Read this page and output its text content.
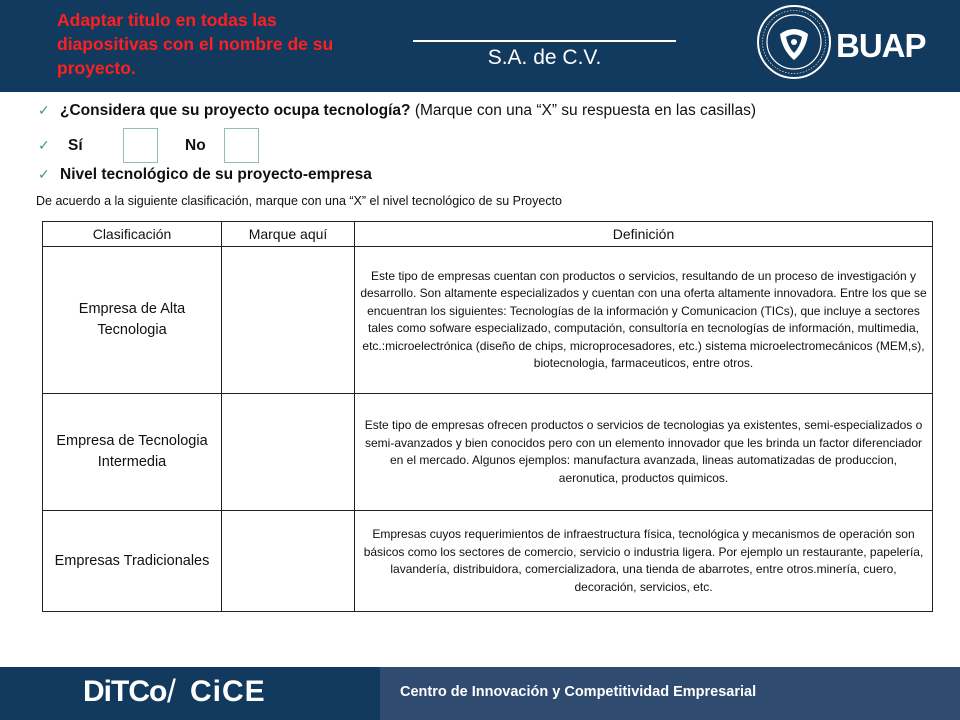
Adaptar titulo en todas las diapositivas con el nombre de su proyecto.	S.A. de C.V.	BUAP
✓ ¿Considera que su proyecto ocupa tecnología? (Marque con una “X” su respuesta en las casillas)
✓ Sí	No
✓ Nivel tecnológico de su proyecto-empresa
De acuerdo a la siguiente clasificación, marque con una “X” el nivel tecnológico de su Proyecto
Clasificación	Marque aquí	Definición
Empresa de Alta Tecnologia		Este tipo de empresas cuentan con productos o servicios, resultando de un proceso de investigación y desarrollo. Son altamente especializados y cuentan con una oferta altamente innovadora. Entre los que se encuentran los siguientes: Tecnologías de la información y Comunicacion (TICs), que incluye a sectores tales como sofware especializado, computación, consultoría en tecnologías de información, multimedia, etc.:microelectrónica (diseño de chips, microprocesadores, etc.) sistema microelectromecánicos (MEM,s), biotecnologia, farmaceuticos, entre otros.
Empresa de Tecnologia Intermedia		Este tipo de empresas ofrecen productos o servicios de tecnologias ya existentes, semi-especializados o semi-avanzados y bien conocidos pero con un elemento innovador que les brinda un factor diferenciador en el mercado. Algunos ejemplos: manufactura avanzada, lineas automatizadas de produccion, aeronutica, productos quimicos.
Empresas Tradicionales		Empresas cuyos requerimientos de infraestructura física, tecnológica y mecanismos de operación son básicos como los sectores de comercio, servicio o industria ligera. Por ejemplo un restaurante, papelería, lavandería, distribuidora, comercializadora, una tienda de abarrotes, entre otros.minería, cuero, decoración, servicios, etc.
DiTCo / CiCE	Centro de Innovación y Competitividad Empresarial
